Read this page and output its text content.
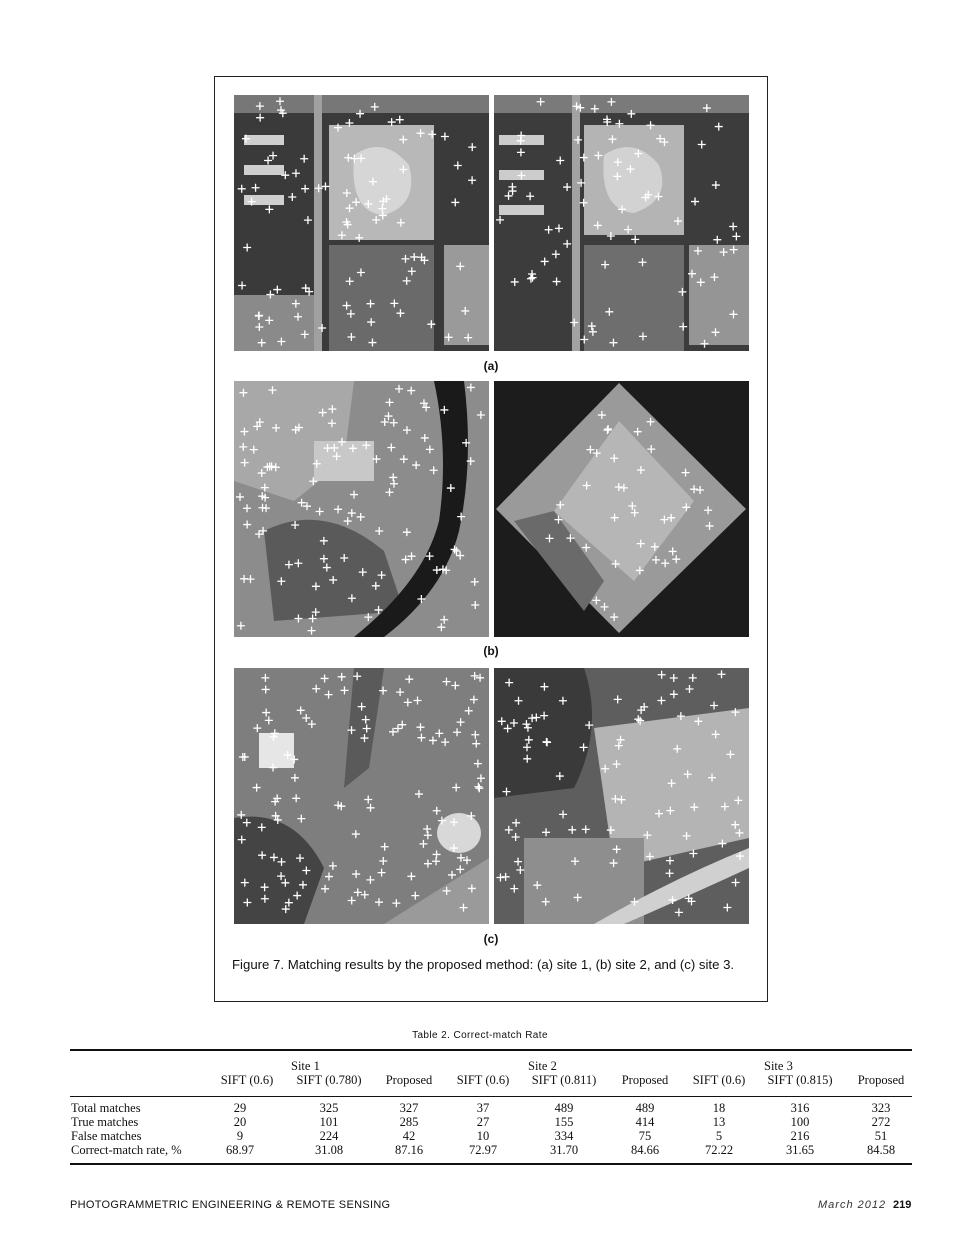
(a)
(b)
(c)
Figure 7. Matching results by the proposed method: (a) site 1, (b) site 2, and (c) site 3.
Table 2. Correct-match Rate
Site 1	Site 2	Site 3
SIFT (0.6)	SIFT (0.780)	Proposed	SIFT (0.6)	SIFT (0.811)	Proposed	SIFT (0.6)	SIFT (0.815)	Proposed
Total matches	29	325	327	37	489	489	18	316	323
True matches	20	101	285	27	155	414	13	100	272
False matches	9	224	42	10	334	75	5	216	51
Correct-match rate, %	68.97	31.08	87.16	72.97	31.70	84.66	72.22	31.65	84.58
PHOTOGRAMMETRIC ENGINEERING & REMOTE SENSING	March 2012 219
